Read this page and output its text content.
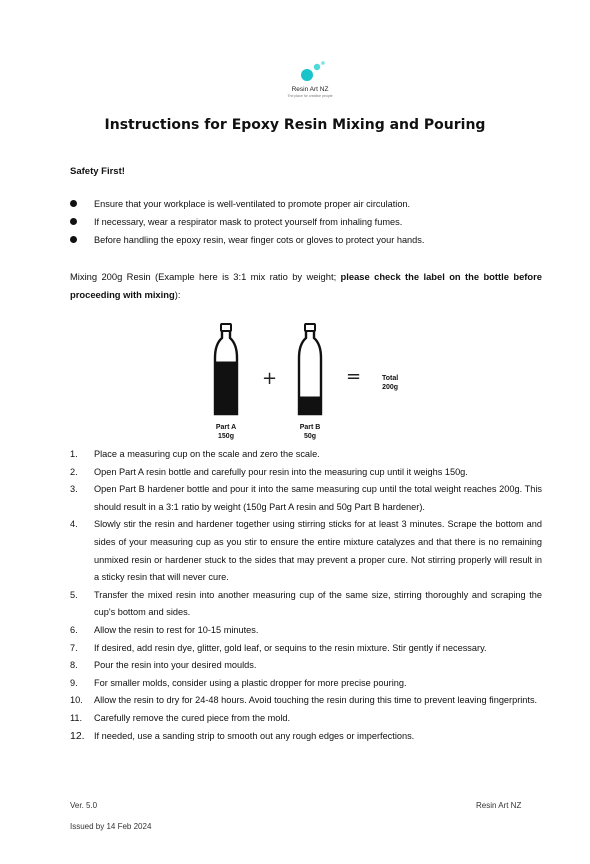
Resin Art NZ
The place for creative people
Instructions for Epoxy Resin Mixing and Pouring
Safety First!
Ensure that your workplace is well-ventilated to promote proper air circulation.
If necessary, wear a respirator mask to protect yourself from inhaling fumes.
Before handling the epoxy resin, wear finger cots or gloves to protect your hands.
Mixing 200g Resin (Example here is 3:1 mix ratio by weight; please check the label on the bottle before proceeding with mixing):
+	=	Total
200g
Part A
150g
Part B
50g
1. Place a measuring cup on the scale and zero the scale.
2. Open Part A resin bottle and carefully pour resin into the measuring cup until it weighs 150g.
3. Open Part B hardener bottle and pour it into the same measuring cup until the total weight reaches 200g. This should result in a 3:1 ratio by weight (150g Part A resin and 50g Part B hardener).
4. Slowly stir the resin and hardener together using stirring sticks for at least 3 minutes. Scrape the bottom and sides of your measuring cup as you stir to ensure the entire mixture catalyzes and that there is no remaining unmixed resin or hardener stuck to the sides that may prevent a proper cure. Not stirring properly will result in a sticky resin that will never cure.
5. Transfer the mixed resin into another measuring cup of the same size, stirring thoroughly and scraping the cup's bottom and sides.
6. Allow the resin to rest for 10-15 minutes.
7. If desired, add resin dye, glitter, gold leaf, or sequins to the resin mixture. Stir gently if necessary.
8. Pour the resin into your desired moulds.
9. For smaller molds, consider using a plastic dropper for more precise pouring.
10. Allow the resin to dry for 24-48 hours. Avoid touching the resin during this time to prevent leaving fingerprints.
11. Carefully remove the cured piece from the mold.
12. If needed, use a sanding strip to smooth out any rough edges or imperfections.
Ver. 5.0
Issued by 14 Feb 2024
Resin Art NZ
